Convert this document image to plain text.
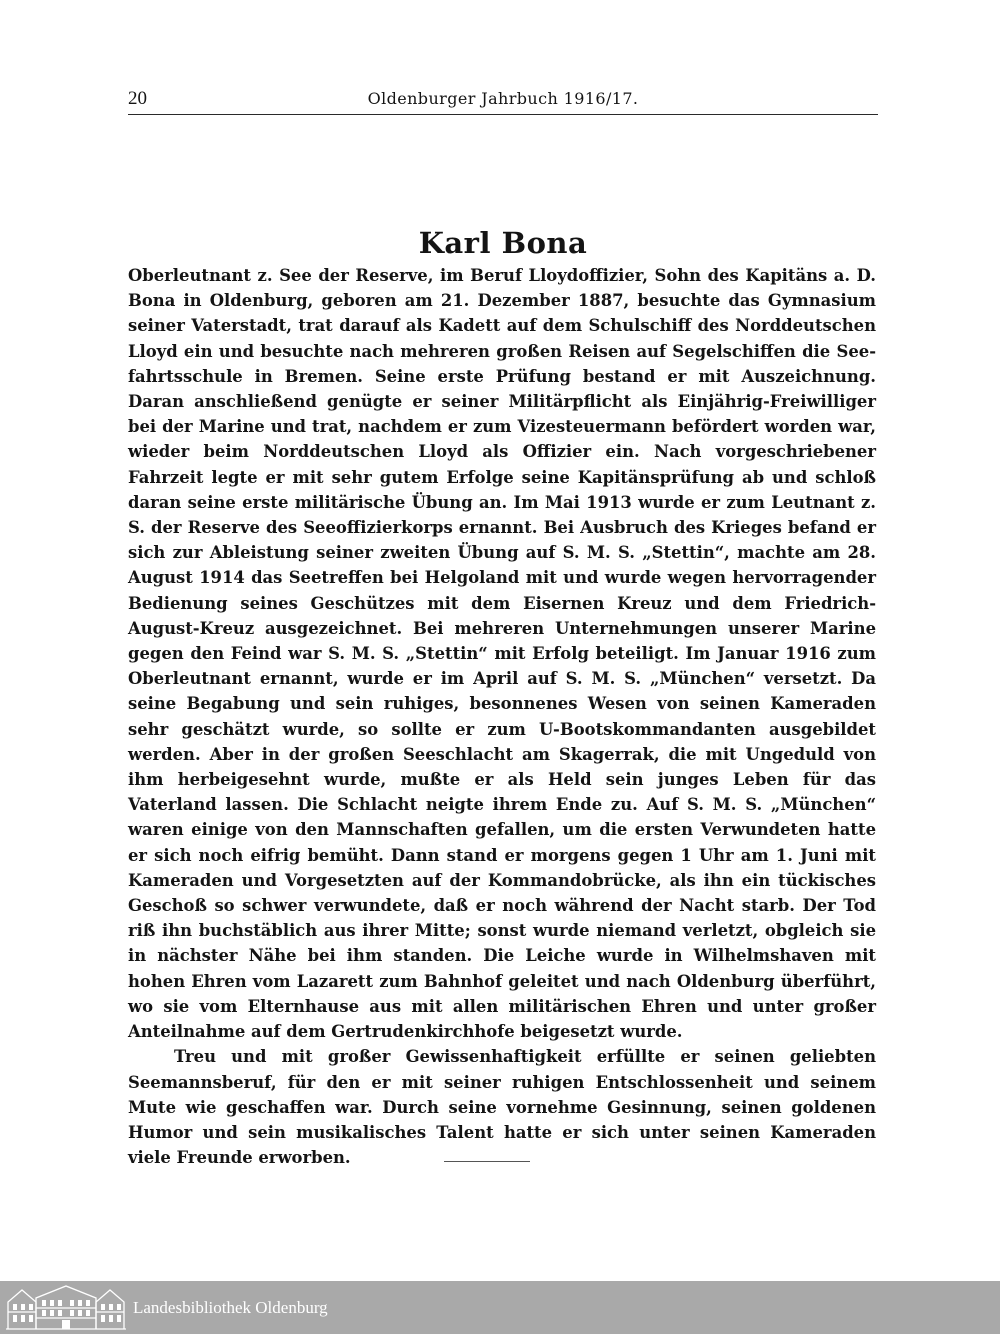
20	Oldenburger Jahrbuch 1916/17.
Karl Bona

Oberleutnant z. See der Reserve, im Beruf Lloydoffizier, Sohn des Kapitäns a. D. Bona in Oldenburg, geboren am 21. Dezember 1887, besuchte das Gymnasium seiner Vaterstadt, trat darauf als Kadett auf dem Schulschiff des Norddeutschen Lloyd ein und besuchte nach mehreren großen Reisen auf Segelschiffen die Seefahrtsschule in Bremen. Seine erste Prüfung bestand er mit Auszeichnung. Daran anschließend genügte er seiner Militärpflicht als Einjährig-Freiwilliger bei der Marine und trat, nachdem er zum Vizesteuermann befördert worden war, wieder beim Norddeutschen Lloyd als Offizier ein. Nach vorgeschriebener Fahrzeit legte er mit sehr gutem Erfolge seine Kapitänsprüfung ab und schloß daran seine erste militärische Übung an. Im Mai 1913 wurde er zum Leutnant z. S. der Reserve des Seeoffizierkorps ernannt. Bei Ausbruch des Krieges befand er sich zur Ableistung seiner zweiten Übung auf S. M. S. „Stettin“, machte am 28. August 1914 das Seetreffen bei Helgoland mit und wurde wegen hervorragender Bedienung seines Geschützes mit dem Eisernen Kreuz und dem Friedrich-August-Kreuz ausgezeichnet. Bei mehreren Unternehmungen unserer Marine gegen den Feind war S. M. S. „Stettin“ mit Erfolg beteiligt. Im Januar 1916 zum Oberleutnant ernannt, wurde er im April auf S. M. S. „München“ versetzt. Da seine Begabung und sein ruhiges, besonnenes Wesen von seinen Kameraden sehr geschätzt wurde, so sollte er zum U-Bootskommandanten ausgebildet werden. Aber in der großen Seeschlacht am Skagerrak, die mit Ungeduld von ihm herbeigesehnt wurde, mußte er als Held sein junges Leben für das Vaterland lassen. Die Schlacht neigte ihrem Ende zu. Auf S. M. S. „München“ waren einige von den Mannschaften gefallen, um die ersten Verwundeten hatte er sich noch eifrig bemüht. Dann stand er morgens gegen 1 Uhr am 1. Juni mit Kameraden und Vorgesetzten auf der Kommandobrücke, als ihn ein tückisches Geschoß so schwer verwundete, daß er noch während der Nacht starb. Der Tod riß ihn buchstäblich aus ihrer Mitte; sonst wurde niemand verletzt, obgleich sie in nächster Nähe bei ihm standen. Die Leiche wurde in Wilhelmshaven mit hohen Ehren vom Lazarett zum Bahnhof geleitet und nach Oldenburg überführt, wo sie vom Elternhause aus mit allen militärischen Ehren und unter großer Anteilnahme auf dem Gertrudenkirchhofe beigesetzt wurde.

Treu und mit großer Gewissenhaftigkeit erfüllte er seinen geliebten Seemannsberuf, für den er mit seiner ruhigen Entschlossenheit und seinem Mute wie geschaffen war. Durch seine vornehme Gesinnung, seinen goldenen Humor und sein musikalisches Talent hatte er sich unter seinen Kameraden viele Freunde erworben.

Landesbibliothek Oldenburg
